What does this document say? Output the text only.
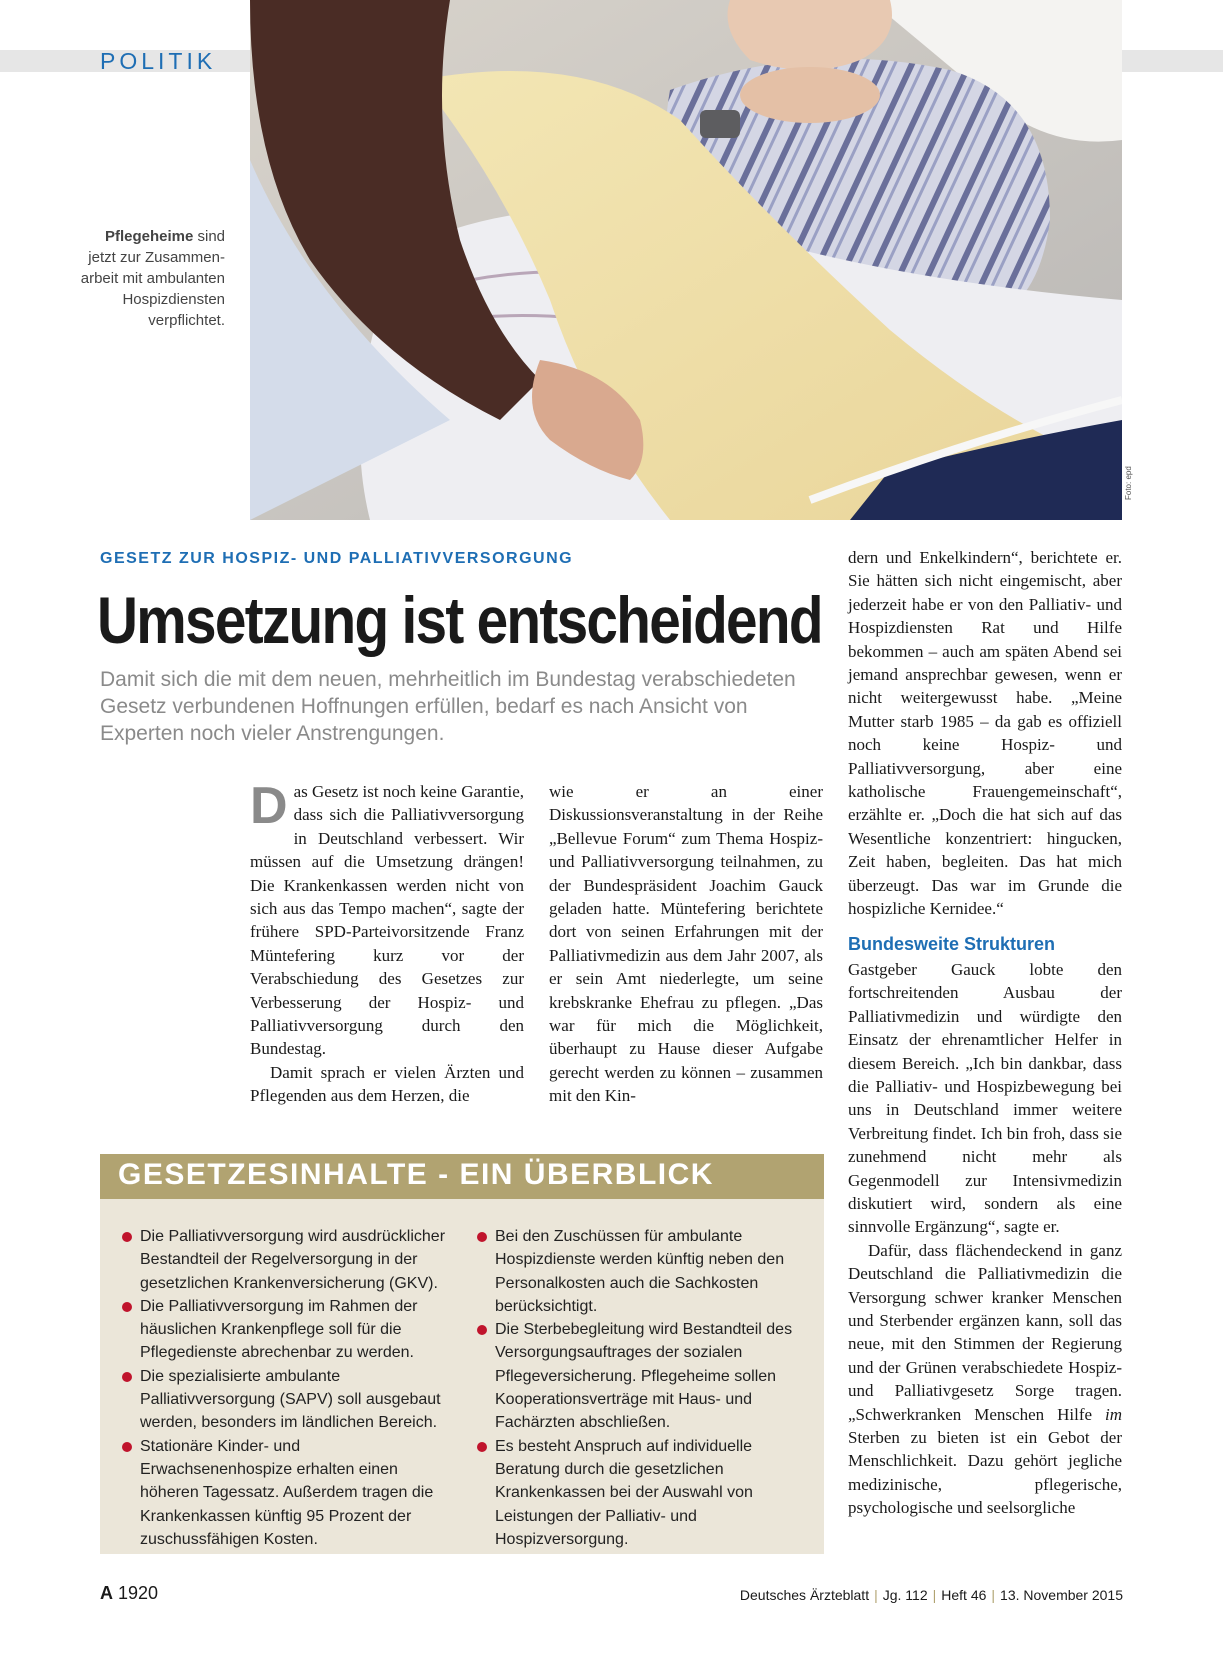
POLITIK
Foto: epd
Pflegeheime sind jetzt zur Zusammenarbeit mit ambulanten Hospizdiensten verpflichtet.
GESETZ ZUR HOSPIZ- UND PALLIATIVVERSORGUNG
Umsetzung ist entscheidend
Damit sich die mit dem neuen, mehrheitlich im Bundestag verabschiedeten Gesetz verbundenen Hoffnungen erfüllen, bedarf es nach Ansicht von Experten noch vieler Anstrengungen.

Das Gesetz ist noch keine Garantie, dass sich die Palliativversorgung in Deutschland verbessert. Wir müssen auf die Umsetzung drängen! Die Krankenkassen werden nicht von sich aus das Tempo machen“, sagte der frühere SPD-Parteivorsitzende Franz Müntefering kurz vor der Verabschiedung des Gesetzes zur Verbesserung der Hospiz- und Palliativversorgung durch den Bundestag.

Damit sprach er vielen Ärzten und Pflegenden aus dem Herzen, die

wie er an einer Diskussionsveranstaltung in der Reihe „Bellevue Forum“ zum Thema Hospiz- und Palliativversorgung teilnahmen, zu der Bundespräsident Joachim Gauck geladen hatte. Müntefering berichtete dort von seinen Erfahrungen mit der Palliativmedizin aus dem Jahr 2007, als er sein Amt niederlegte, um seine krebskranke Ehefrau zu pflegen. „Das war für mich die Möglichkeit, überhaupt zu Hause dieser Aufgabe gerecht werden zu können – zusammen mit den Kin-

dern und Enkelkindern“, berichtete er. Sie hätten sich nicht eingemischt, aber jederzeit habe er von den Palliativ- und Hospizdiensten Rat und Hilfe bekommen – auch am späten Abend sei jemand ansprechbar gewesen, wenn er nicht weitergewusst habe. „Meine Mutter starb 1985 – da gab es offiziell noch keine Hospiz- und Palliativversorgung, aber eine katholische Frauengemeinschaft“, erzählte er. „Doch die hat sich auf das Wesentliche konzentriert: hingucken, Zeit haben, begleiten. Das hat mich überzeugt. Das war im Grunde die hospizliche Kernidee.“

Bundesweite Strukturen

Gastgeber Gauck lobte den fortschreitenden Ausbau der Palliativmedizin und würdigte den Einsatz der ehrenamtlicher Helfer in diesem Bereich. „Ich bin dankbar, dass die Palliativ- und Hospizbewegung bei uns in Deutschland immer weitere Verbreitung findet. Ich bin froh, dass sie zunehmend nicht mehr als Gegenmodell zur Intensivmedizin diskutiert wird, sondern als eine sinnvolle Ergänzung“, sagte er.

Dafür, dass flächendeckend in ganz Deutschland die Palliativmedizin die Versorgung schwer kranker Menschen und Sterbender ergänzen kann, soll das neue, mit den Stimmen der Regierung und der Grünen verabschiedete Hospiz- und Palliativgesetz Sorge tragen. „Schwerkranken Menschen Hilfe im Sterben zu bieten ist ein Gebot der Menschlichkeit. Dazu gehört jegliche medizinische, pflegerische, psychologische und seelsorgliche

GESETZESINHALTE - EIN ÜBERBLICK
Die Palliativversorgung wird ausdrücklicher Bestandteil der Regelversorgung in der gesetzlichen Krankenversicherung (GKV).
Die Palliativversorgung im Rahmen der häuslichen Krankenpflege soll für die Pflegedienste abrechenbar zu werden.
Die spezialisierte ambulante Palliativversorgung (SAPV) soll ausgebaut werden, besonders im ländlichen Bereich.
Stationäre Kinder- und Erwachsenenhospize erhalten einen höheren Tagessatz. Außerdem tragen die Krankenkassen künftig 95 Prozent der zuschussfähigen Kosten.
Bei den Zuschüssen für ambulante Hospizdienste werden künftig neben den Personalkosten auch die Sachkosten berücksichtigt.
Die Sterbebegleitung wird Bestandteil des Versorgungsauftrages der sozialen Pflegeversicherung. Pflegeheime sollen Kooperationsverträge mit Haus- und Fachärzten abschließen.
Es besteht Anspruch auf individuelle Beratung durch die gesetzlichen Krankenkassen bei der Auswahl von Leistungen der Palliativ- und Hospizversorgung.
A 1920	Deutsches Ärzteblatt | Jg. 112 | Heft 46 | 13. November 2015
